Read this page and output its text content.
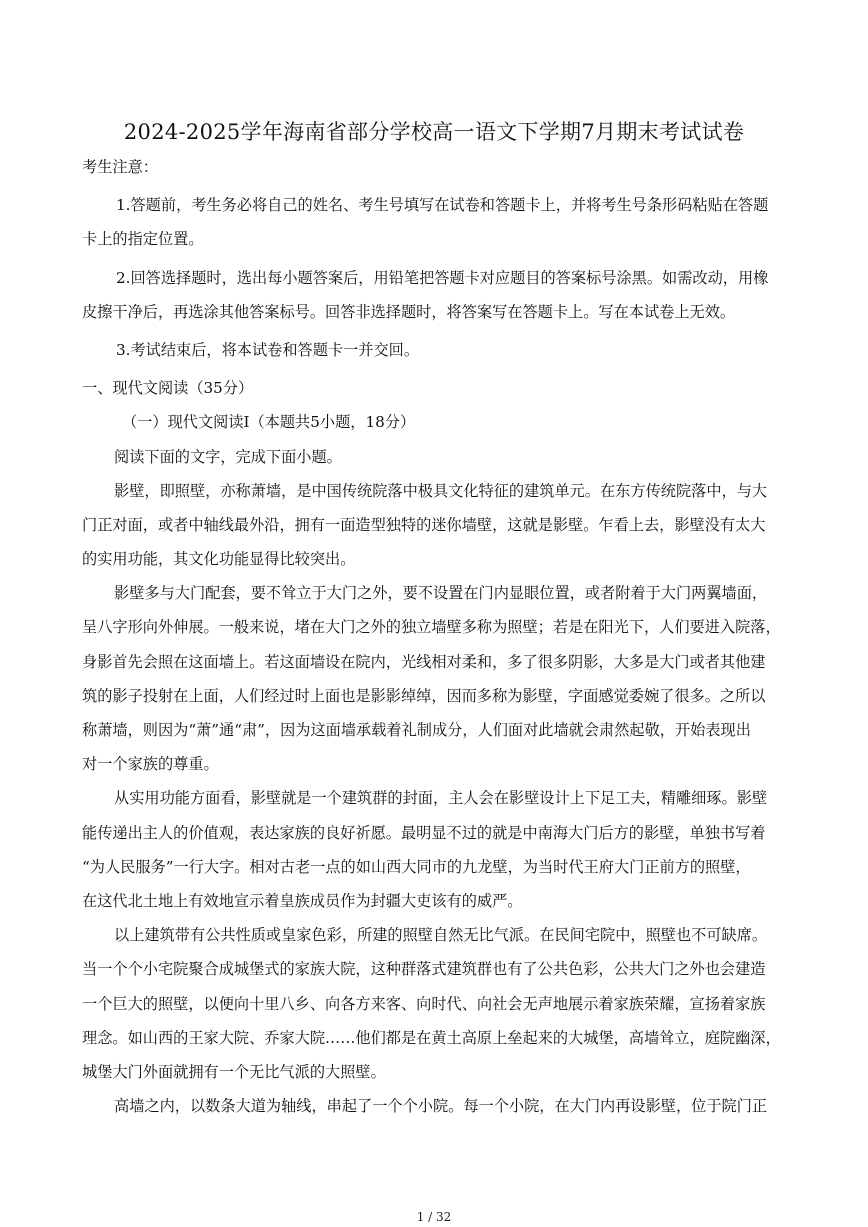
2024-2025学年海南省部分学校高一语文下学期7月期末考试试卷
考生注意：
1.答题前，考生务必将自己的姓名、考生号填写在试卷和答题卡上，并将考生号条形码粘贴在答题
卡上的指定位置。
2.回答选择题时，选出每小题答案后，用铅笔把答题卡对应题目的答案标号涂黑。如需改动，用橡
皮擦干净后，再选涂其他答案标号。回答非选择题时，将答案写在答题卡上。写在本试卷上无效。
3.考试结束后，将本试卷和答题卡一并交回。
一、现代文阅读（35分）
（一）现代文阅读Ⅰ（本题共5小题，18分）
阅读下面的文字，完成下面小题。
影壁，即照壁，亦称萧墙，是中国传统院落中极具文化特征的建筑单元。在东方传统院落中，与大
门正对面，或者中轴线最外沿，拥有一面造型独特的迷你墙壁，这就是影壁。乍看上去，影壁没有太大
的实用功能，其文化功能显得比较突出。
影壁多与大门配套，要不耸立于大门之外，要不设置在门内显眼位置，或者附着于大门两翼墙面，
呈八字形向外伸展。一般来说，堵在大门之外的独立墙壁多称为照壁；若是在阳光下，人们要进入院落，
身影首先会照在这面墙上。若这面墙设在院内，光线相对柔和，多了很多阴影，大多是大门或者其他建
筑的影子投射在上面，人们经过时上面也是影影绰绰，因而多称为影壁，字面感觉委婉了很多。之所以
称萧墙，则因为“萧”通“肃”，因为这面墙承载着礼制成分，人们面对此墙就会肃然起敬，开始表现出
对一个家族的尊重。
从实用功能方面看，影壁就是一个建筑群的封面，主人会在影壁设计上下足工夫，精雕细琢。影壁
能传递出主人的价值观，表达家族的良好祈愿。最明显不过的就是中南海大门后方的影壁，单独书写着
“为人民服务”一行大字。相对古老一点的如山西大同市的九龙壁，为当时代王府大门正前方的照壁，
在这代北土地上有效地宣示着皇族成员作为封疆大吏该有的威严。
以上建筑带有公共性质或皇家色彩，所建的照壁自然无比气派。在民间宅院中，照壁也不可缺席。
当一个个小宅院聚合成城堡式的家族大院，这种群落式建筑群也有了公共色彩，公共大门之外也会建造
一个巨大的照壁，以便向十里八乡、向各方来客、向时代、向社会无声地展示着家族荣耀，宣扬着家族
理念。如山西的王家大院、乔家大院……他们都是在黄土高原上垒起来的大城堡，高墙耸立，庭院幽深，
城堡大门外面就拥有一个无比气派的大照壁。
高墙之内，以数条大道为轴线，串起了一个个小院。每一个小院，在大门内再设影壁，位于院门正
1 / 32
